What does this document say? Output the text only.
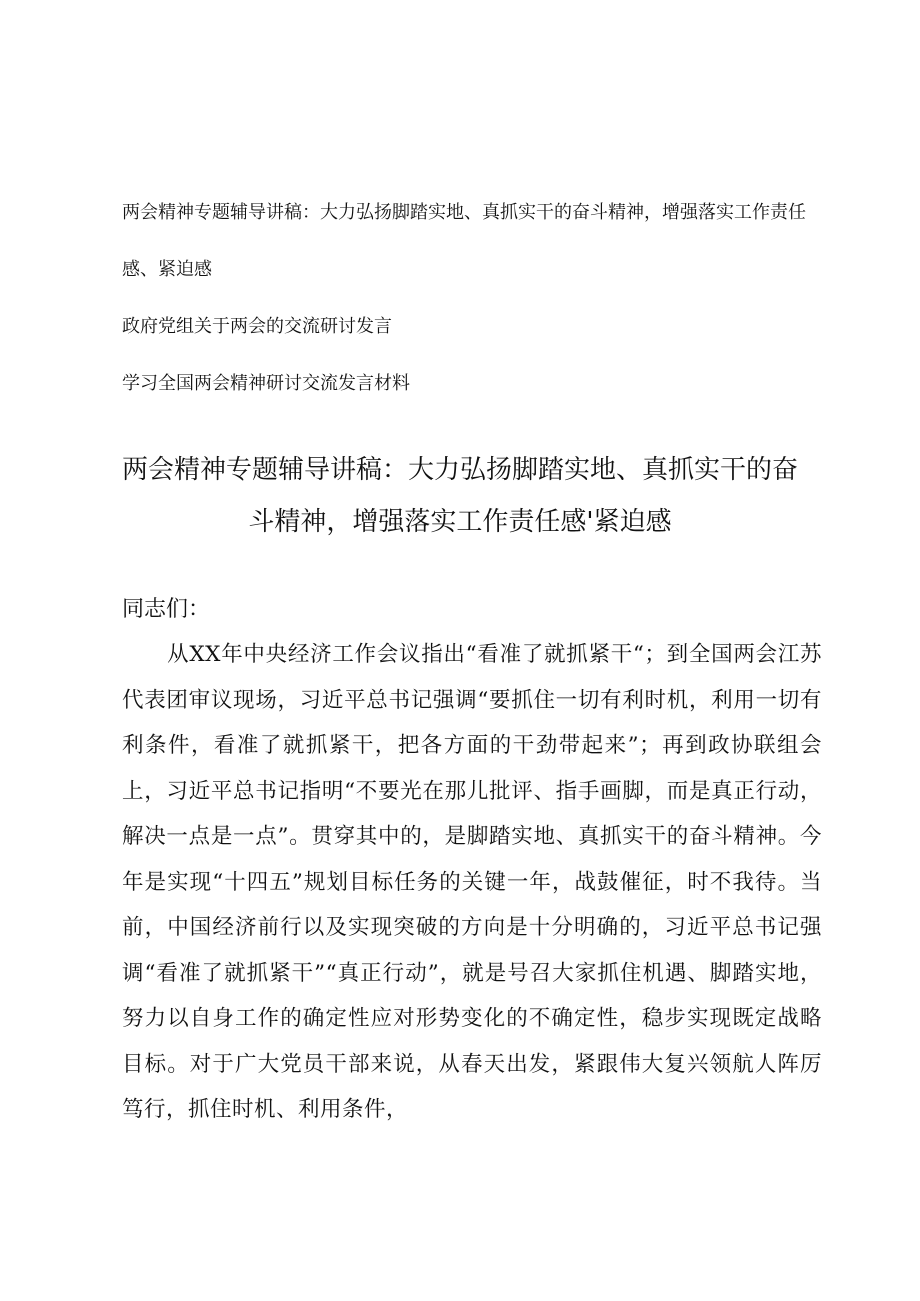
两会精神专题辅导讲稿：大力弘扬脚踏实地、真抓实干的奋斗精神，增强落实工作责任感、紧迫感

政府党组关于两会的交流研讨发言

学习全国两会精神研讨交流发言材料

两会精神专题辅导讲稿：大力弘扬脚踏实地、真抓实干的奋斗精神，增强落实工作责任感'紧迫感

同志们：

从XX年中央经济工作会议指出“看准了就抓紧干“；到全国两会江苏代表团审议现场，习近平总书记强调“要抓住一切有利时机，利用一切有利条件，看准了就抓紧干，把各方面的干劲带起来”；再到政协联组会上，习近平总书记指明“不要光在那儿批评、指手画脚，而是真正行动，解决一点是一点”。贯穿其中的，是脚踏实地、真抓实干的奋斗精神。今年是实现“十四五”规划目标任务的关键一年，战鼓催征，时不我待。当前，中国经济前行以及实现突破的方向是十分明确的，习近平总书记强调“看准了就抓紧干”“真正行动”，就是号召大家抓住机遇、脚踏实地，努力以自身工作的确定性应对形势变化的不确定性，稳步实现既定战略目标。对于广大党员干部来说，从春天出发，紧跟伟大复兴领航人阵厉笃行，抓住时机、利用条件，
